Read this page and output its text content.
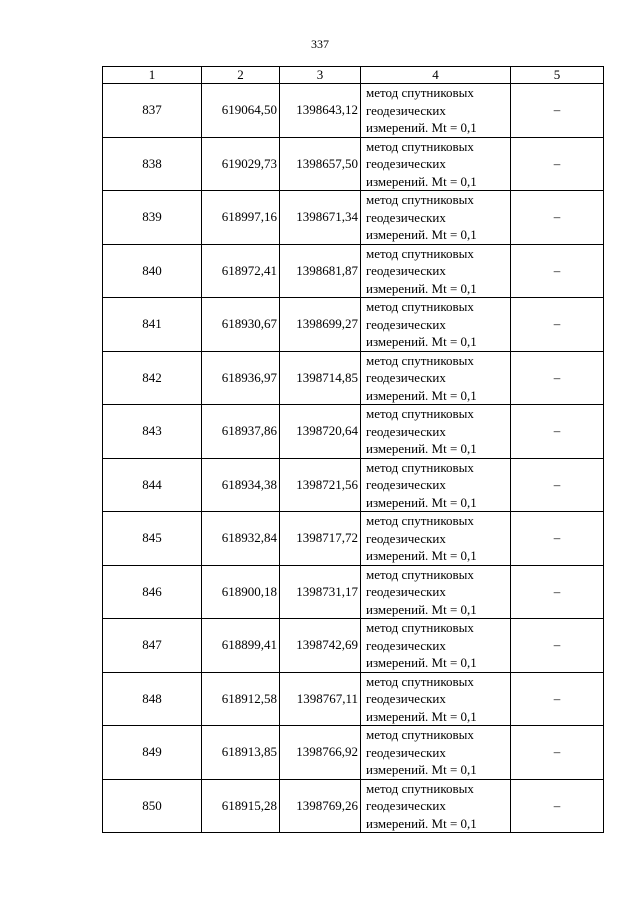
337
1	2	3	4	5
837	619064,50	1398643,12	метод спутниковых
геодезических
измерений. Mt = 0,1	–
838	619029,73	1398657,50	метод спутниковых
геодезических
измерений. Mt = 0,1	–
839	618997,16	1398671,34	метод спутниковых
геодезических
измерений. Mt = 0,1	–
840	618972,41	1398681,87	метод спутниковых
геодезических
измерений. Mt = 0,1	–
841	618930,67	1398699,27	метод спутниковых
геодезических
измерений. Mt = 0,1	–
842	618936,97	1398714,85	метод спутниковых
геодезических
измерений. Mt = 0,1	–
843	618937,86	1398720,64	метод спутниковых
геодезических
измерений. Mt = 0,1	–
844	618934,38	1398721,56	метод спутниковых
геодезических
измерений. Mt = 0,1	–
845	618932,84	1398717,72	метод спутниковых
геодезических
измерений. Mt = 0,1	–
846	618900,18	1398731,17	метод спутниковых
геодезических
измерений. Mt = 0,1	–
847	618899,41	1398742,69	метод спутниковых
геодезических
измерений. Mt = 0,1	–
848	618912,58	1398767,11	метод спутниковых
геодезических
измерений. Mt = 0,1	–
849	618913,85	1398766,92	метод спутниковых
геодезических
измерений. Mt = 0,1	–
850	618915,28	1398769,26	метод спутниковых
геодезических
измерений. Mt = 0,1	–
